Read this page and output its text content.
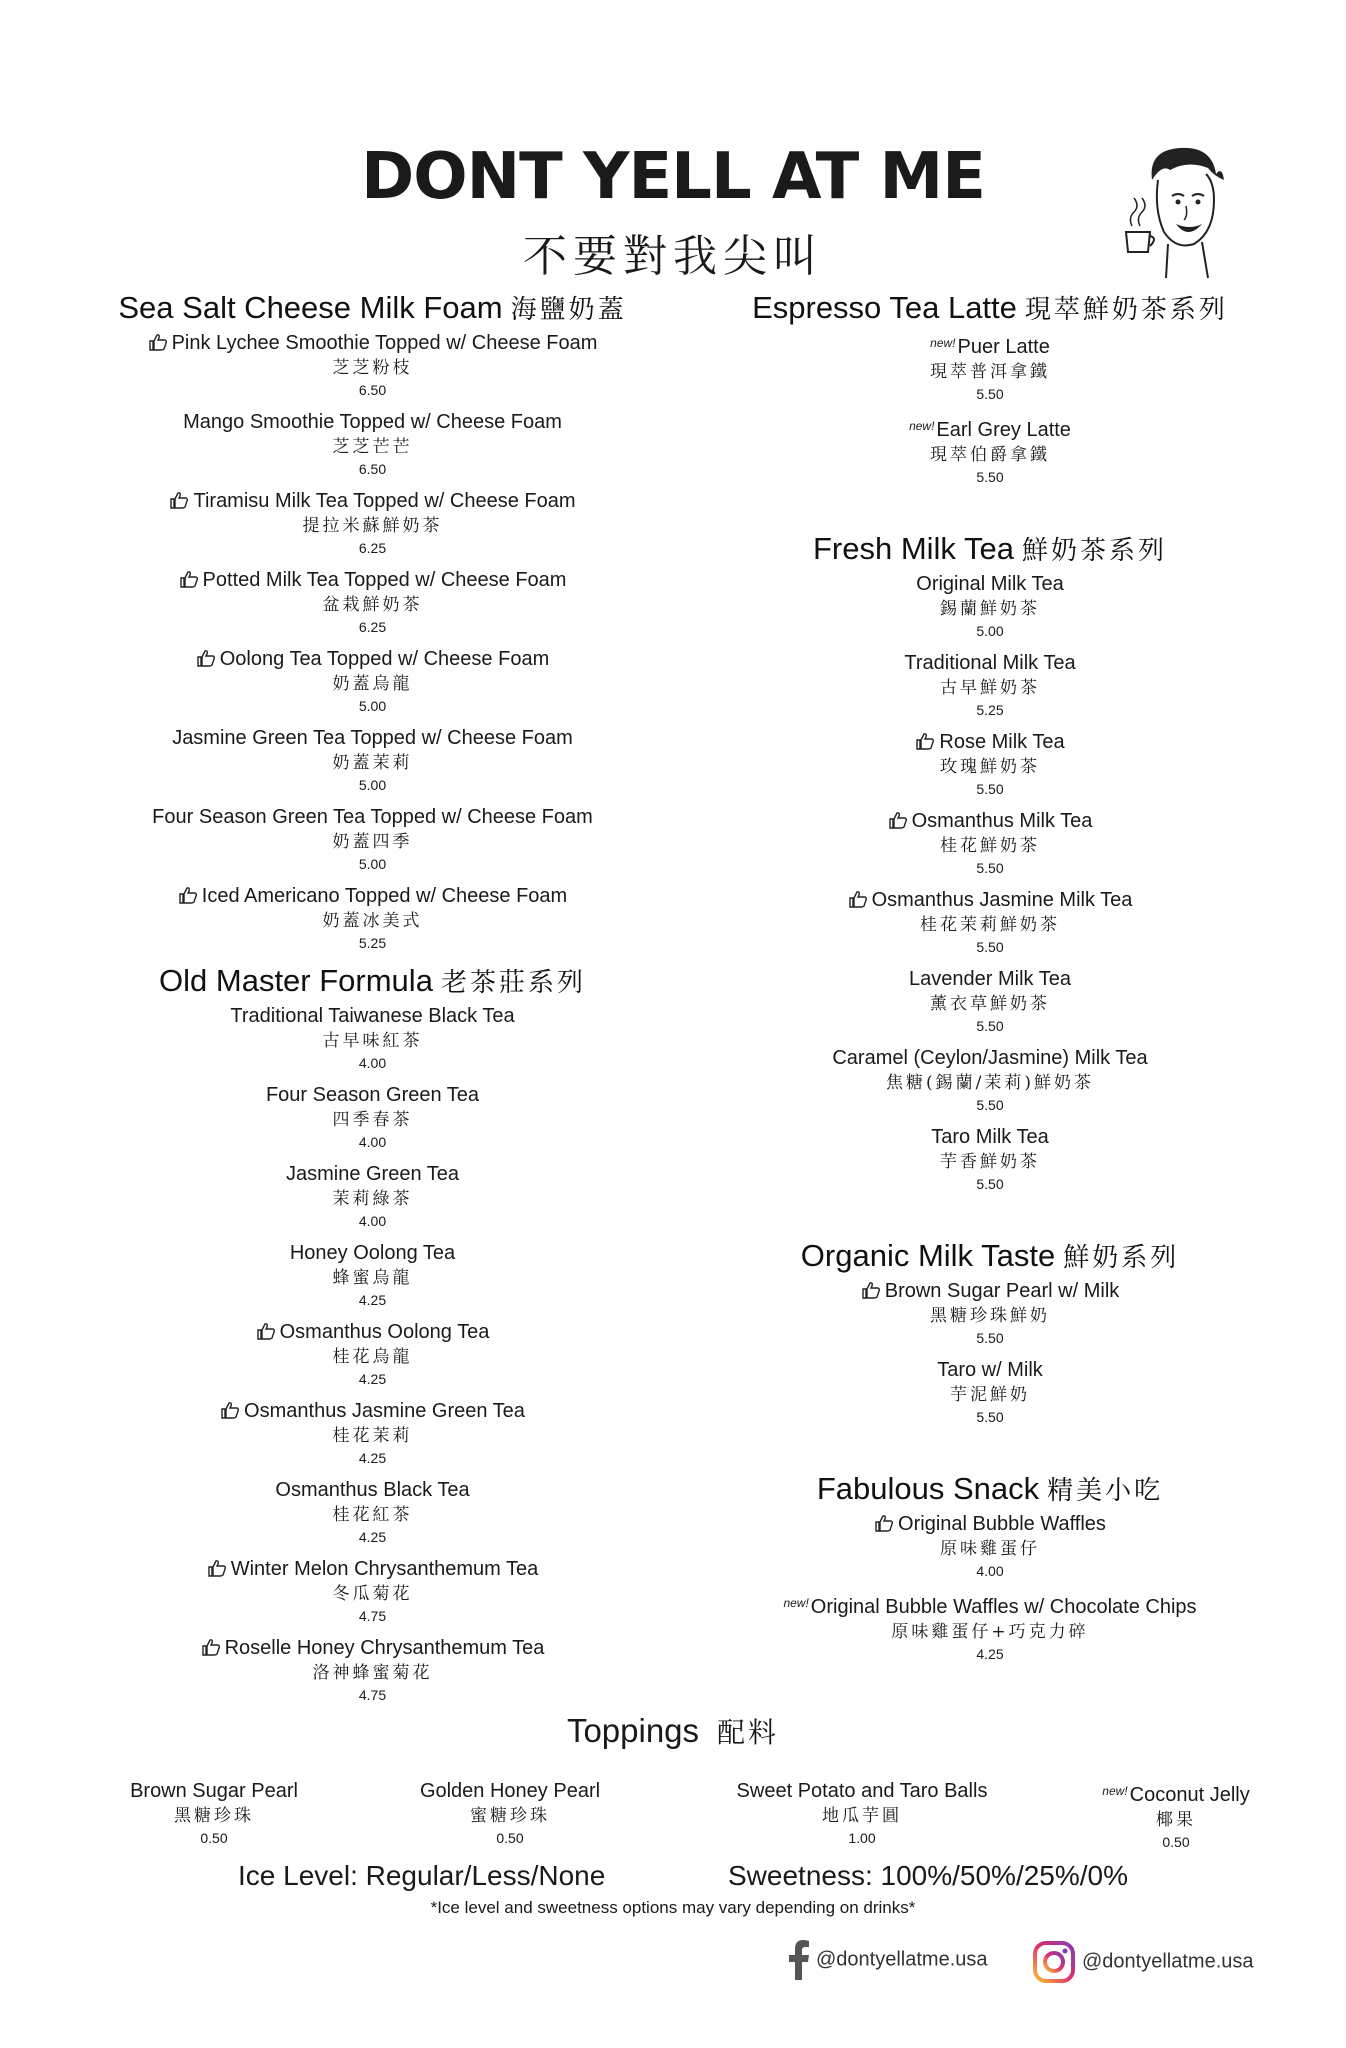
DONT YELL AT ME
不要對我尖叫
Sea Salt Cheese Milk Foam 海鹽奶蓋
Pink Lychee Smoothie Topped w/ Cheese Foam
芝芝粉枝
6.50
Mango Smoothie Topped w/ Cheese Foam
芝芝芒芒
6.50
Tiramisu Milk Tea Topped w/ Cheese Foam
提拉米蘇鮮奶茶
6.25
Potted Milk Tea Topped w/ Cheese Foam
盆栽鮮奶茶
6.25
Oolong Tea Topped w/ Cheese Foam
奶蓋烏龍
5.00
Jasmine Green Tea Topped w/ Cheese Foam
奶蓋茉莉
5.00
Four Season Green Tea Topped w/ Cheese Foam
奶蓋四季
5.00
Iced Americano Topped w/ Cheese Foam
奶蓋冰美式
5.25
Old Master Formula 老茶莊系列
Traditional Taiwanese Black Tea
古早味紅茶
4.00
Four Season Green Tea
四季春茶
4.00
Jasmine Green Tea
茉莉綠茶
4.00
Honey Oolong Tea
蜂蜜烏龍
4.25
Osmanthus Oolong Tea
桂花烏龍
4.25
Osmanthus Jasmine Green Tea
桂花茉莉
4.25
Osmanthus Black Tea
桂花紅茶
4.25
Winter Melon Chrysanthemum Tea
冬瓜菊花
4.75
Roselle Honey Chrysanthemum Tea
洛神蜂蜜菊花
4.75
Espresso Tea Latte 現萃鮮奶茶系列
$^{new!}$ Puer Latte
現萃普洱拿鐵
5.50
$^{new!}$ Earl Grey Latte
現萃伯爵拿鐵
5.50
Fresh Milk Tea 鮮奶茶系列
Original Milk Tea
錫蘭鮮奶茶
5.00
Traditional Milk Tea
古早鮮奶茶
5.25
Rose Milk Tea
玫瑰鮮奶茶
5.50
Osmanthus Milk Tea
桂花鮮奶茶
5.50
Osmanthus Jasmine Milk Tea
桂花茉莉鮮奶茶
5.50
Lavender Milk Tea
薰衣草鮮奶茶
5.50
Caramel (Ceylon/Jasmine) Milk Tea
焦糖(錫蘭/茉莉)鮮奶茶
5.50
Taro Milk Tea
芋香鮮奶茶
5.50
Organic Milk Taste 鮮奶系列
Brown Sugar Pearl w/ Milk
黑糖珍珠鮮奶
5.50
Taro w/ Milk
芋泥鮮奶
5.50
Fabulous Snack 精美小吃
Original Bubble Waffles
原味雞蛋仔
4.00
$^{new!}$ Original Bubble Waffles w/ Chocolate Chips
原味雞蛋仔+巧克力碎
4.25
Toppings 配料
Brown Sugar Pearl
黑糖珍珠
0.50
Golden Honey Pearl
蜜糖珍珠
0.50
Sweet Potato and Taro Balls
地瓜芋圓
1.00
$^{new!}$ Coconut Jelly
椰果
0.50
Ice Level: Regular/Less/None	Sweetness: 100%/50%/25%/0%
*Ice level and sweetness options may vary depending on drinks*
@dontyellatme.usa	@dontyellatme.usa
